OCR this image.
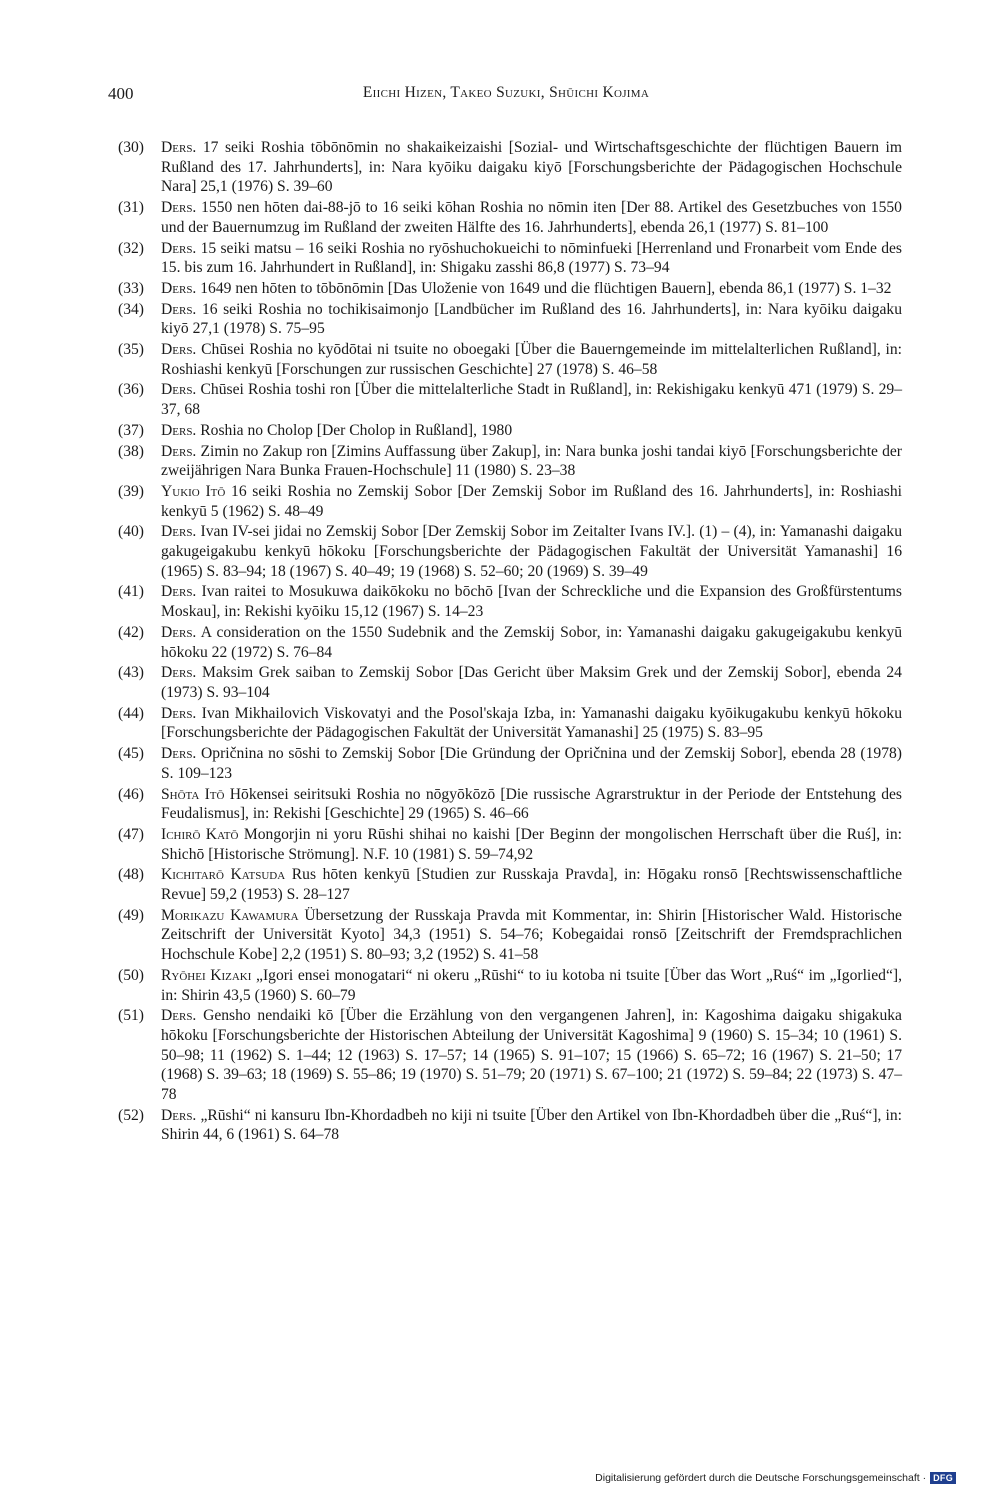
400	Eiichi Hizen, Takeo Suzuki, Shūichi Kojima
(30) Ders. 17 seiki Roshia tōbōnōmin no shakaikeizaishi [Sozial- und Wirtschaftsgeschichte der flüchtigen Bauern im Rußland des 17. Jahrhunderts], in: Nara kyōiku daigaku kiyō [Forschungsberichte der Pädagogischen Hochschule Nara] 25,1 (1976) S. 39–60
(31) Ders. 1550 nen hōten dai-88-jō to 16 seiki kōhan Roshia no nōmin iten [Der 88. Artikel des Gesetzbuches von 1550 und der Bauernumzug im Rußland der zweiten Hälfte des 16. Jahrhunderts], ebenda 26,1 (1977) S. 81–100
(32) Ders. 15 seiki matsu – 16 seiki Roshia no ryōshuchokueichi to nōminfueki [Herrenland und Fronarbeit vom Ende des 15. bis zum 16. Jahrhundert in Rußland], in: Shigaku zasshi 86,8 (1977) S. 73–94
(33) Ders. 1649 nen hōten to tōbōnōmin [Das Uloženie von 1649 und die flüchtigen Bauern], ebenda 86,1 (1977) S. 1–32
(34) Ders. 16 seiki Roshia no tochikisaimonjo [Landbücher im Rußland des 16. Jahrhunderts], in: Nara kyōiku daigaku kiyō 27,1 (1978) S. 75–95
(35) Ders. Chūsei Roshia no kyōdōtai ni tsuite no oboegaki [Über die Bauerngemeinde im mittelalterlichen Rußland], in: Roshiashi kenkyū [Forschungen zur russischen Geschichte] 27 (1978) S. 46–58
(36) Ders. Chūsei Roshia toshi ron [Über die mittelalterliche Stadt in Rußland], in: Rekishigaku kenkyū 471 (1979) S. 29–37, 68
(37) Ders. Roshia no Cholop [Der Cholop in Rußland], 1980
(38) Ders. Zimin no Zakup ron [Zimins Auffassung über Zakup], in: Nara bunka joshi tandai kiyō [Forschungsberichte der zweijährigen Nara Bunka Frauen-Hochschule] 11 (1980) S. 23–38
(39) Yukio Itō 16 seiki Roshia no Zemskij Sobor [Der Zemskij Sobor im Rußland des 16. Jahrhunderts], in: Roshiashi kenkyū 5 (1962) S. 48–49
(40) Ders. Ivan IV-sei jidai no Zemskij Sobor [Der Zemskij Sobor im Zeitalter Ivans IV.]. (1) – (4), in: Yamanashi daigaku gakugeigakubu kenkyū hōkoku [Forschungsberichte der Pädagogischen Fakultät der Universität Yamanashi] 16 (1965) S. 83–94; 18 (1967) S. 40–49; 19 (1968) S. 52–60; 20 (1969) S. 39–49
(41) Ders. Ivan raitei to Mosukuwa daikōkoku no bōchō [Ivan der Schreckliche und die Expansion des Großfürstentums Moskau], in: Rekishi kyōiku 15,12 (1967) S. 14–23
(42) Ders. A consideration on the 1550 Sudebnik and the Zemskij Sobor, in: Yamanashi daigaku gakugeigakubu kenkyū hōkoku 22 (1972) S. 76–84
(43) Ders. Maksim Grek saiban to Zemskij Sobor [Das Gericht über Maksim Grek und der Zemskij Sobor], ebenda 24 (1973) S. 93–104
(44) Ders. Ivan Mikhailovich Viskovatyi and the Posol'skaja Izba, in: Yamanashi daigaku kyōikugakubu kenkyū hōkoku [Forschungsberichte der Pädagogischen Fakultät der Universität Yamanashi] 25 (1975) S. 83–95
(45) Ders. Opričnina no sōshi to Zemskij Sobor [Die Gründung der Opričnina und der Zemskij Sobor], ebenda 28 (1978) S. 109–123
(46) Shōta Itō Hōkensei seiritsuki Roshia no nōgyōkōzō [Die russische Agrarstruktur in der Periode der Entstehung des Feudalismus], in: Rekishi [Geschichte] 29 (1965) S. 46–66
(47) Ichirō Katō Mongorjin ni yoru Rūshi shihai no kaishi [Der Beginn der mongolischen Herrschaft über die Ruś], in: Shichō [Historische Strömung]. N.F. 10 (1981) S. 59–74,92
(48) Kichitarō Katsuda Rus hōten kenkyū [Studien zur Russkaja Pravda], in: Hōgaku ronsō [Rechtswissenschaftliche Revue] 59,2 (1953) S. 28–127
(49) Morikazu Kawamura Übersetzung der Russkaja Pravda mit Kommentar, in: Shirin [Historischer Wald. Historische Zeitschrift der Universität Kyoto] 34,3 (1951) S. 54–76; Kobegaidai ronsō [Zeitschrift der Fremdsprachlichen Hochschule Kobe] 2,2 (1951) S. 80–93; 3,2 (1952) S. 41–58
(50) Ryōhei Kizaki „Igori ensei monogatari“ ni okeru „Rūshi“ to iu kotoba ni tsuite [Über das Wort „Ruś“ im „Igorlied“], in: Shirin 43,5 (1960) S. 60–79
(51) Ders. Gensho nendaiki kō [Über die Erzählung von den vergangenen Jahren], in: Kagoshima daigaku shigakuka hōkoku [Forschungsberichte der Historischen Abteilung der Universität Kagoshima] 9 (1960) S. 15–34; 10 (1961) S. 50–98; 11 (1962) S. 1–44; 12 (1963) S. 17–57; 14 (1965) S. 91–107; 15 (1966) S. 65–72; 16 (1967) S. 21–50; 17 (1968) S. 39–63; 18 (1969) S. 55–86; 19 (1970) S. 51–79; 20 (1971) S. 67–100; 21 (1972) S. 59–84; 22 (1973) S. 47–78
(52) Ders. „Rūshi“ ni kansuru Ibn-Khordadbeh no kiji ni tsuite [Über den Artikel von Ibn-Khordadbeh über die „Ruś“], in: Shirin 44, 6 (1961) S. 64–78
Digitalisierung gefördert durch die Deutsche Forschungsgemeinschaft · DFG
